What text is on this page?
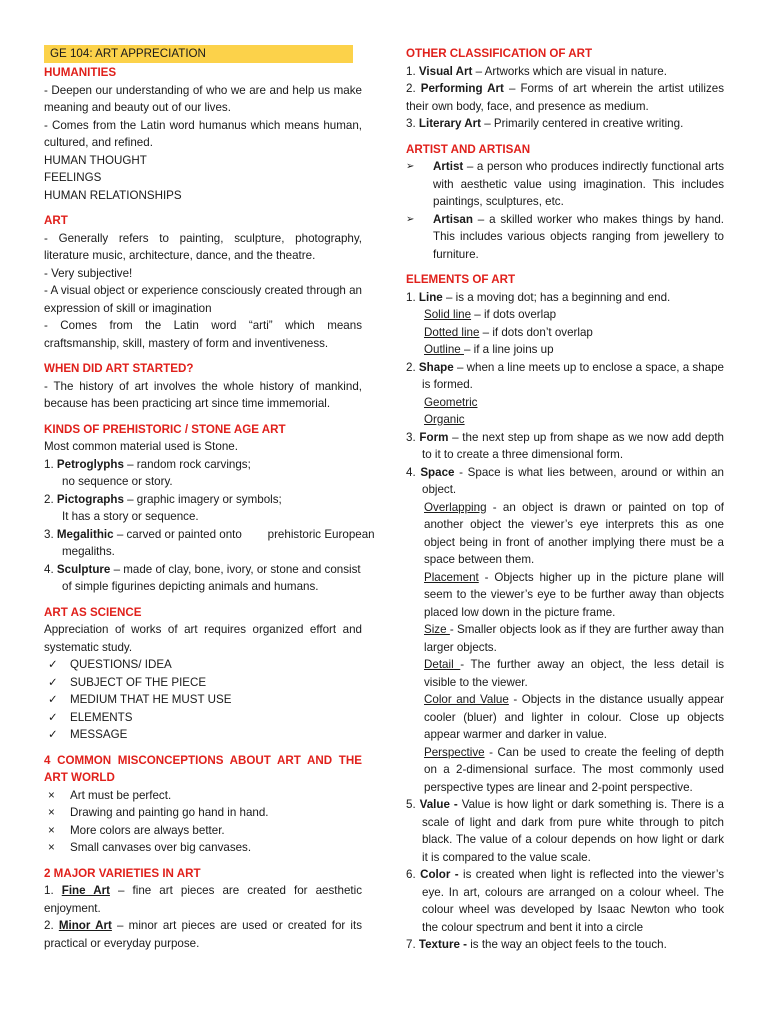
GE 104: ART APPRECIATION
HUMANITIES

- Deepen our understanding of who we are and help us make meaning and beauty out of our lives.

- Comes from the Latin word humanus which means human, cultured, and refined.

HUMAN THOUGHT

FEELINGS

HUMAN RELATIONSHIPS

ART

- Generally refers to painting, sculpture, photography, literature music, architecture, dance, and the theatre.

- Very subjective!

- A visual object or experience consciously created through an expression of skill or imagination

- Comes from the Latin word “arti” which means craftsmanship, skill, mastery of form and inventiveness.

WHEN DID ART STARTED?

- The history of art involves the whole history of mankind, because has been practicing art since time immemorial.

KINDS OF PREHISTORIC / STONE AGE ART

Most common material used is Stone.

1. Petroglyphs – random rock carvings;

no sequence or story.

2. Pictographs – graphic imagery or symbols;

It has a story or sequence.

3. Megalithic – carved or painted onto        prehistoric European

megaliths.

4. Sculpture – made of clay, bone, ivory, or stone and consist

of simple figurines depicting animals and humans.

ART AS SCIENCE

Appreciation of works of art requires organized effort and systematic study.

✓ QUESTIONS/ IDEA
✓ SUBJECT OF THE PIECE
✓ MEDIUM THAT HE MUST USE
✓ ELEMENTS
✓ MESSAGE
4 COMMON MISCONCEPTIONS ABOUT ART AND THE ART WORLD
× Art must be perfect.
× Drawing and painting go hand in hand.
× More colors are always better.
× Small canvases over big canvases.
2 MAJOR VARIETIES IN ART

1. Fine Art – fine art pieces are created for aesthetic enjoyment.

2. Minor Art – minor art pieces are used or created for its practical or everyday purpose.

OTHER CLASSIFICATION OF ART

1. Visual Art – Artworks which are visual in nature.

2. Performing Art – Forms of art wherein the artist utilizes their own body, face, and presence as medium.

3. Literary Art – Primarily centered in creative writing.

ARTIST AND ARTISAN
➢ Artist – a person who produces indirectly functional arts with aesthetic value using imagination. This includes paintings, sculptures, etc.
➢ Artisan – a skilled worker who makes things by hand. This includes various objects ranging from jewellery to furniture.
ELEMENTS OF ART

1. Line – is a moving dot; has a beginning and end.

Solid line – if dots overlap

Dotted line – if dots don’t overlap

Outline – if a line joins up

2. Shape – when a line meets up to enclose a space, a shape is formed.

Geometric

Organic

3. Form – the next step up from shape as we now add depth to it to create a three dimensional form.

4. Space - Space is what lies between, around or within an object.

Overlapping - an object is drawn or painted on top of another object the viewer’s eye interprets this as one object being in front of another implying there must be a space between them.

Placement - Objects higher up in the picture plane will seem to the viewer’s eye to be further away than objects placed low down in the picture frame.

Size - Smaller objects look as if they are further away than larger objects.

Detail - The further away an object, the less detail is visible to the viewer.

Color and Value - Objects in the distance usually appear cooler (bluer) and lighter in colour. Close up objects appear warmer and darker in value.

Perspective - Can be used to create the feeling of depth on a 2-dimensional surface. The most commonly used perspective types are linear and 2-point perspective.

5. Value - Value is how light or dark something is. There is a scale of light and dark from pure white through to pitch black. The value of a colour depends on how light or dark it is compared to the value scale.

6. Color - is created when light is reflected into the viewer’s eye. In art, colours are arranged on a colour wheel. The colour wheel was developed by Isaac Newton who took the colour spectrum and bent it into a circle

7. Texture - is the way an object feels to the touch.
